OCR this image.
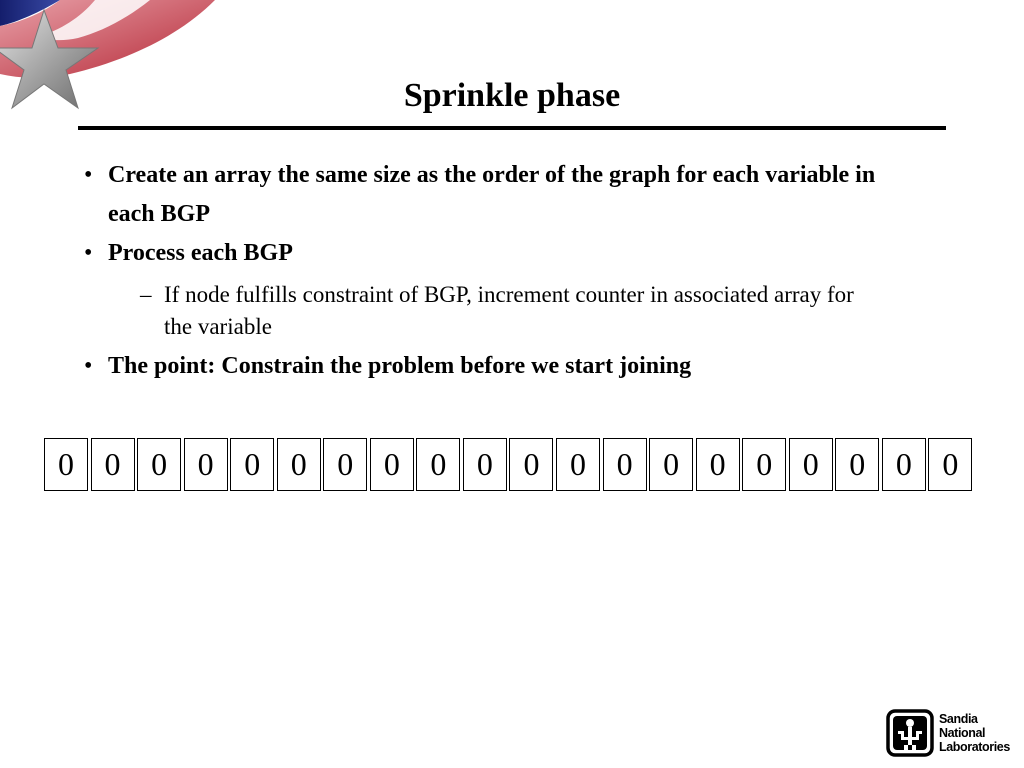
Sprinkle phase
• Create an array the same size as the order of the graph for each variable in each BGP
• Process each BGP
– If node fulfills constraint of BGP, increment counter in associated array for the variable
• The point: Constrain the problem before we start joining
0 0 0 0 0 0 0 0 0 0 0 0 0 0 0 0 0 0 0 0
Sandia
National
Laboratories
